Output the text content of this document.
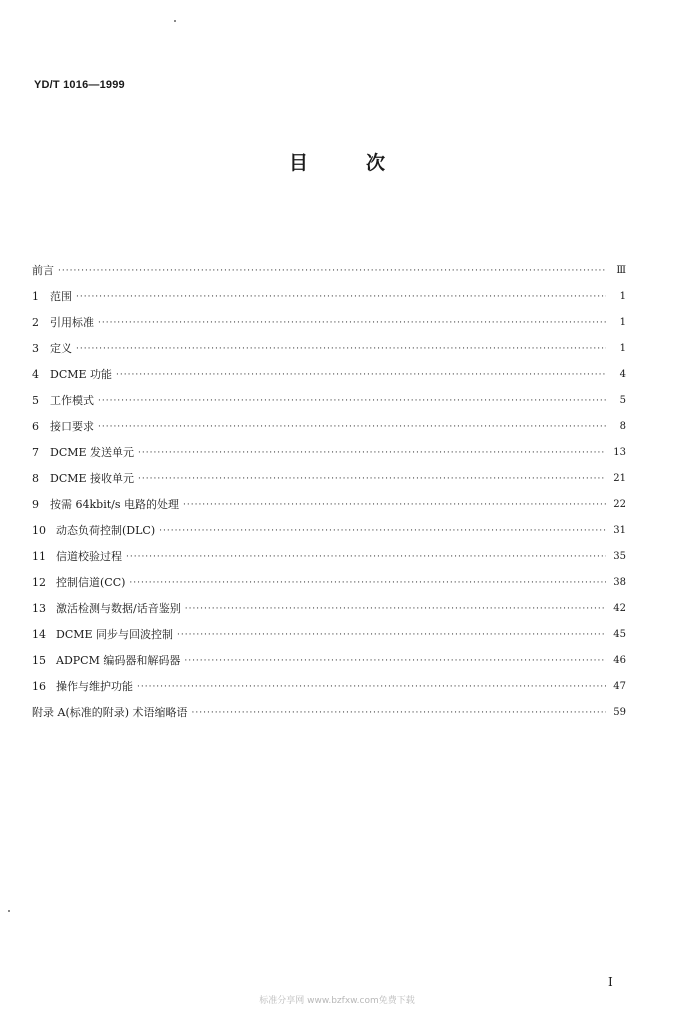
YD/T 1016—1999
目	次
前言 ·····	Ⅲ
1	范围 ·····	1
2	引用标准 ·····	1
3	定义 ·····	1
4	DCME 功能 ·····	4
5	工作模式 ·····	5
6	接口要求 ·····	8
7	DCME 发送单元 ·····	13
8	DCME 接收单元 ·····	21
9	按需 64kbit/s 电路的处理 ·····	22
10 动态负荷控制(DLC) ·····	31
11 信道校验过程 ·····	35
12 控制信道(CC) ·····	38
13 激活检测与数据/话音鉴别 ·····	42
14 DCME 同步与回波控制 ·····	45
15 ADPCM 编码器和解码器 ·····	46
16 操作与维护功能 ·····	47
附录 A(标准的附录) 术语缩略语 ·····	59
I
标准分享网 www.bzfxw.com免费下载
